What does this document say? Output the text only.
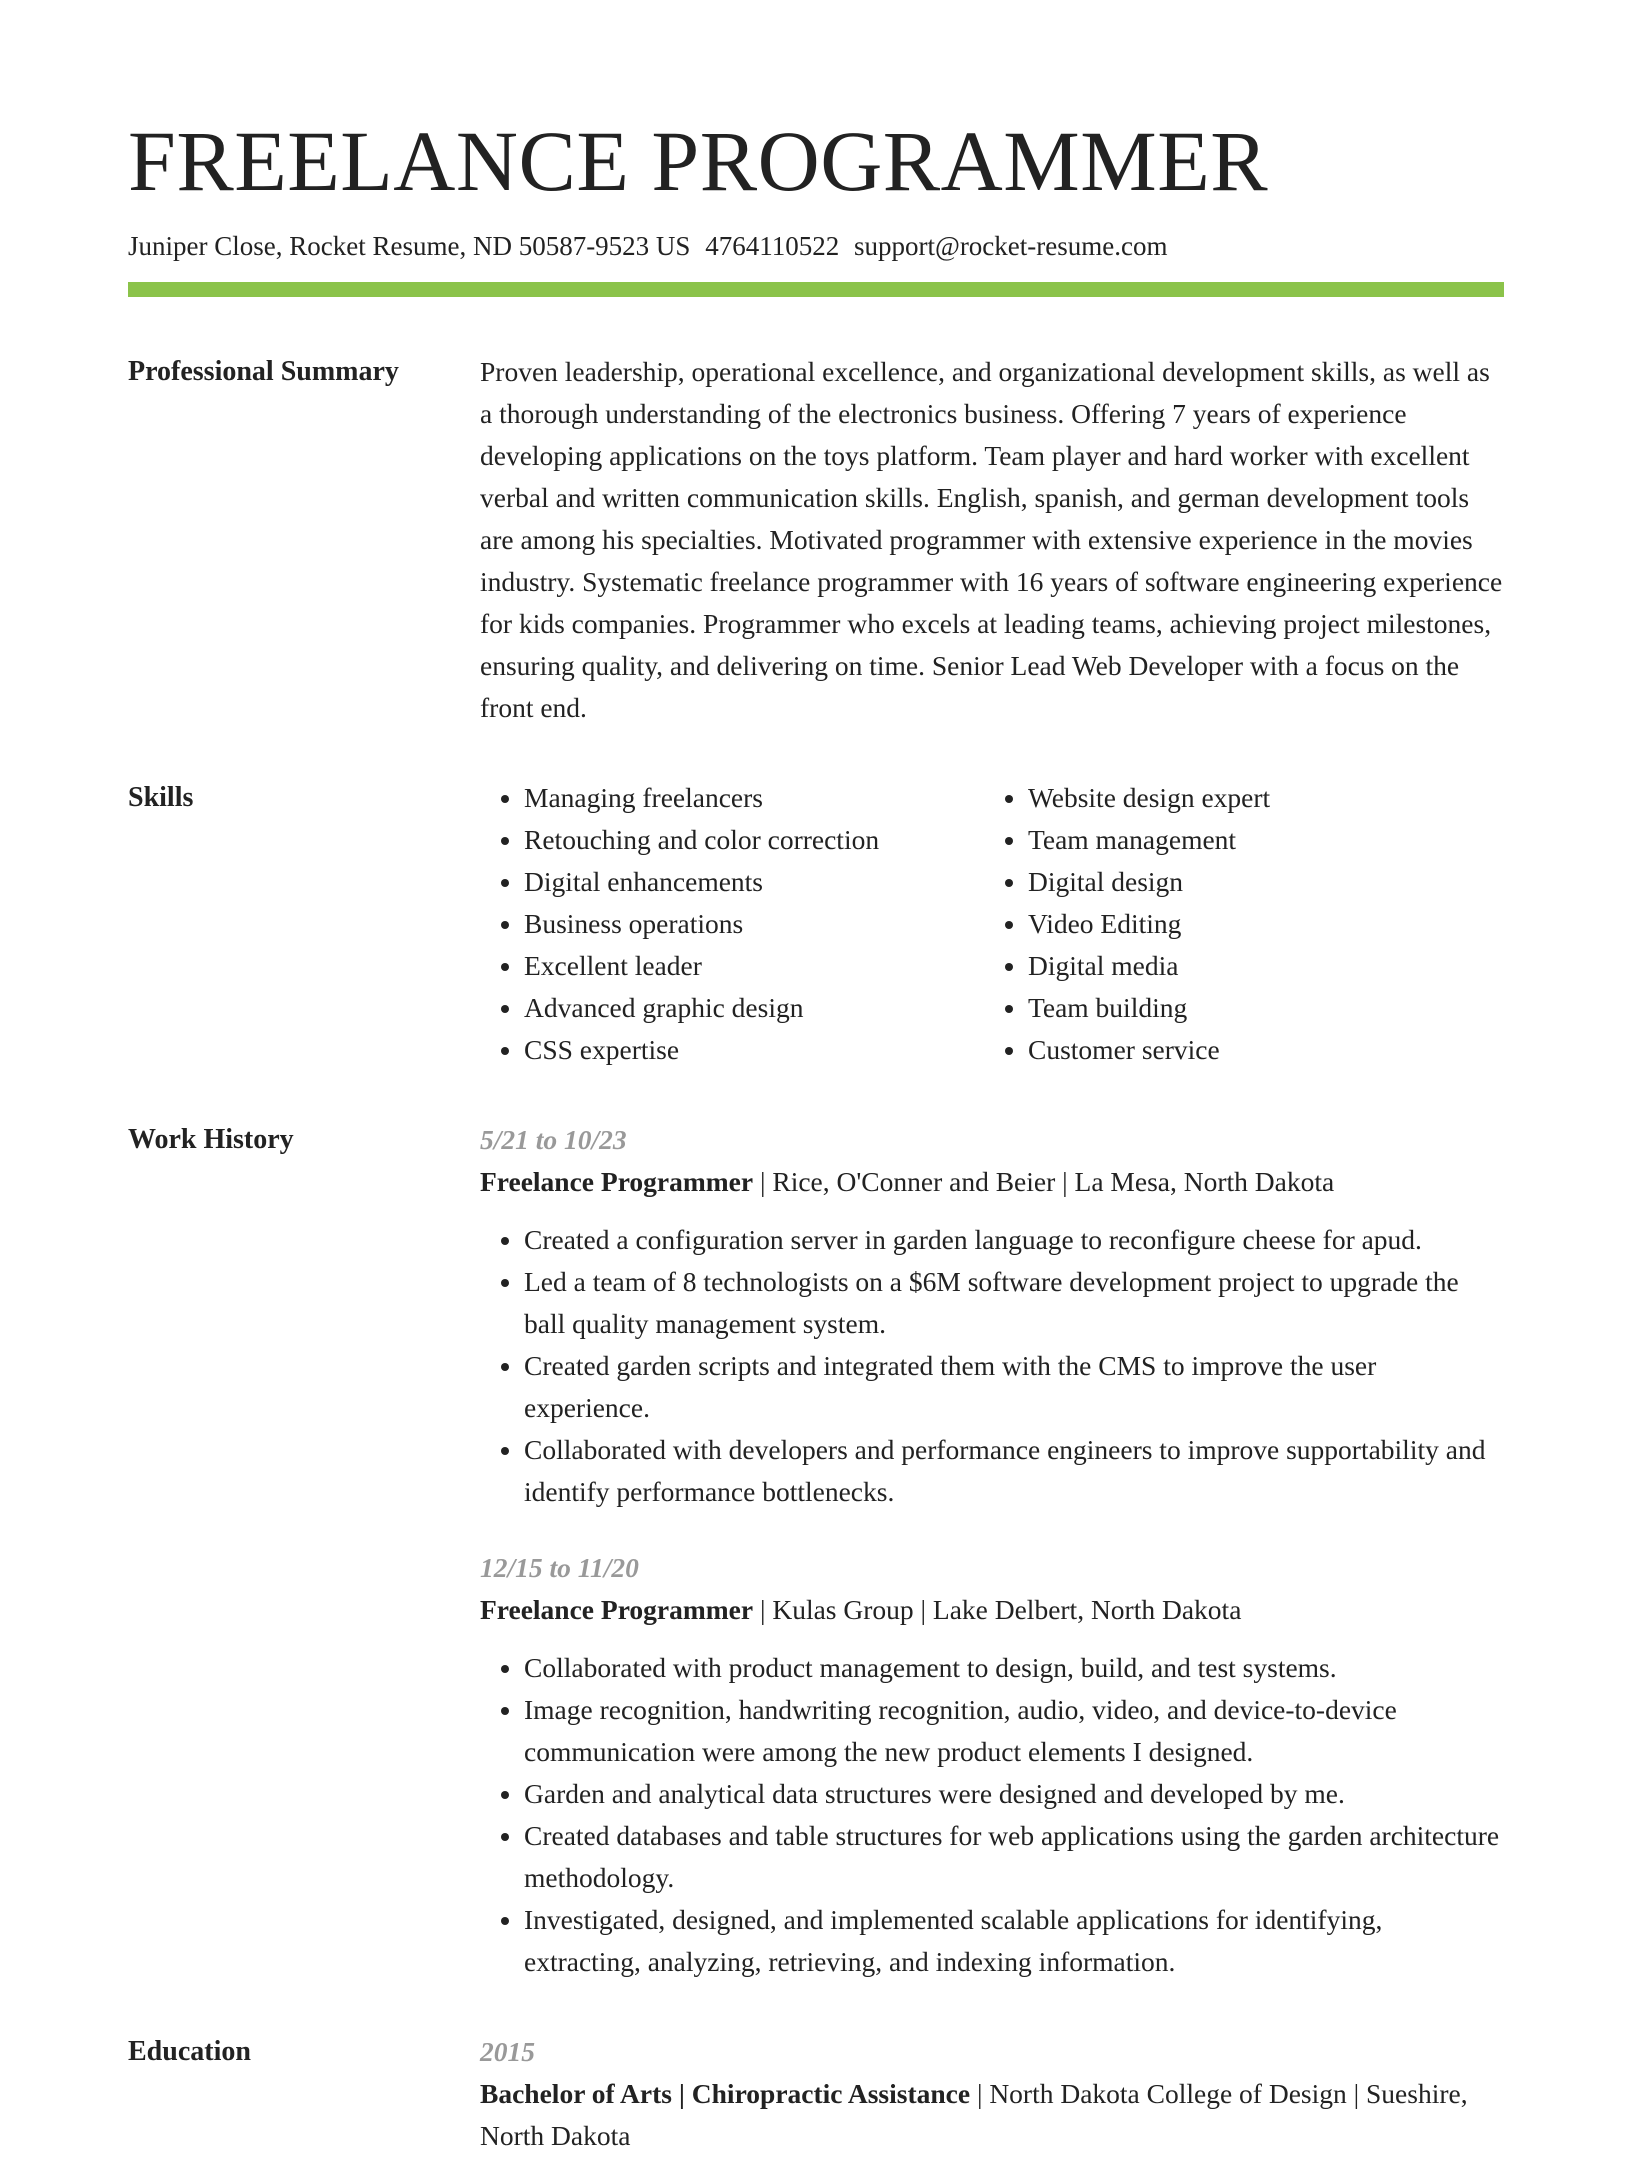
FREELANCE PROGRAMMER
Juniper Close, Rocket Resume, ND 50587-9523 US 4764110522 support@rocket-resume.com
Professional Summary	Proven leadership, operational excellence, and organizational development skills, as well as a thorough understanding of the electronics business. Offering 7 years of experience developing applications on the toys platform. Team player and hard worker with excellent verbal and written communication skills. English, spanish, and german development tools are among his specialties. Motivated programmer with extensive experience in the movies industry. Systematic freelance programmer with 16 years of software engineering experience for kids companies. Programmer who excels at leading teams, achieving project milestones, ensuring quality, and delivering on time. Senior Lead Web Developer with a focus on the front end.

Skills
•	Managing freelancers
• Retouching and color correction
• Digital enhancements
• Business operations
• Excellent leader
• Advanced graphic design
• CSS expertise
• Website design expert
• Team management
• Digital design
• Video Editing
• Digital media
• Team building
• Customer service
Work History	5/21 to 10/23
Freelance Programmer | Rice, O'Conner and Beier | La Mesa, North Dakota
• Created a configuration server in garden language to reconfigure cheese for apud.
• Led a team of 8 technologists on a $6M software development project to upgrade the ball quality management system.
• Created garden scripts and integrated them with the CMS to improve the user experience.
• Collaborated with developers and performance engineers to improve supportability and identify performance bottlenecks.
12/15 to 11/20
Freelance Programmer | Kulas Group | Lake Delbert, North Dakota
• Collaborated with product management to design, build, and test systems.
• Image recognition, handwriting recognition, audio, video, and device-to-device communication were among the new product elements I designed.
• Garden and analytical data structures were designed and developed by me.
• Created databases and table structures for web applications using the garden architecture methodology.
• Investigated, designed, and implemented scalable applications for identifying, extracting, analyzing, retrieving, and indexing information.
Education	2015
Bachelor of Arts | Chiropractic Assistance | North Dakota College of Design | Sueshire, North Dakota
